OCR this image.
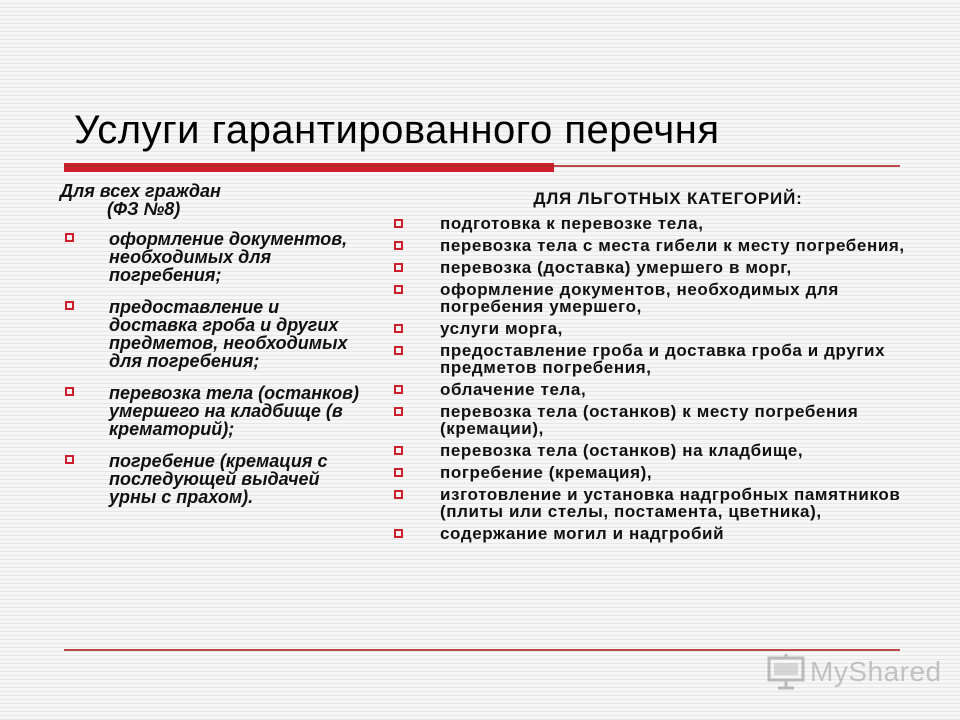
Услуги гарантированного перечня
Для всех граждан
(ФЗ №8)
оформление документов, необходимых для погребения;
предоставление и доставка гроба и других предметов, необходимых для погребения;
перевозка тела (останков) умершего на кладбище (в крематорий);
погребение (кремация с последующей выдачей урны с прахом).
ДЛЯ ЛЬГОТНЫХ КАТЕГОРИЙ:
подготовка к перевозке тела,
перевозка тела с места гибели к месту погребения,
перевозка (доставка) умершего в морг,
оформление документов, необходимых для погребения умершего,
услуги морга,
предоставление гроба и доставка гроба и других предметов погребения,
облачение тела,
перевозка тела (останков) к месту погребения (кремации),
перевозка тела (останков) на кладбище,
погребение (кремация),
изготовление и установка надгробных памятников (плиты или стелы, постамента, цветника),
содержание могил и надгробий
MyShared
